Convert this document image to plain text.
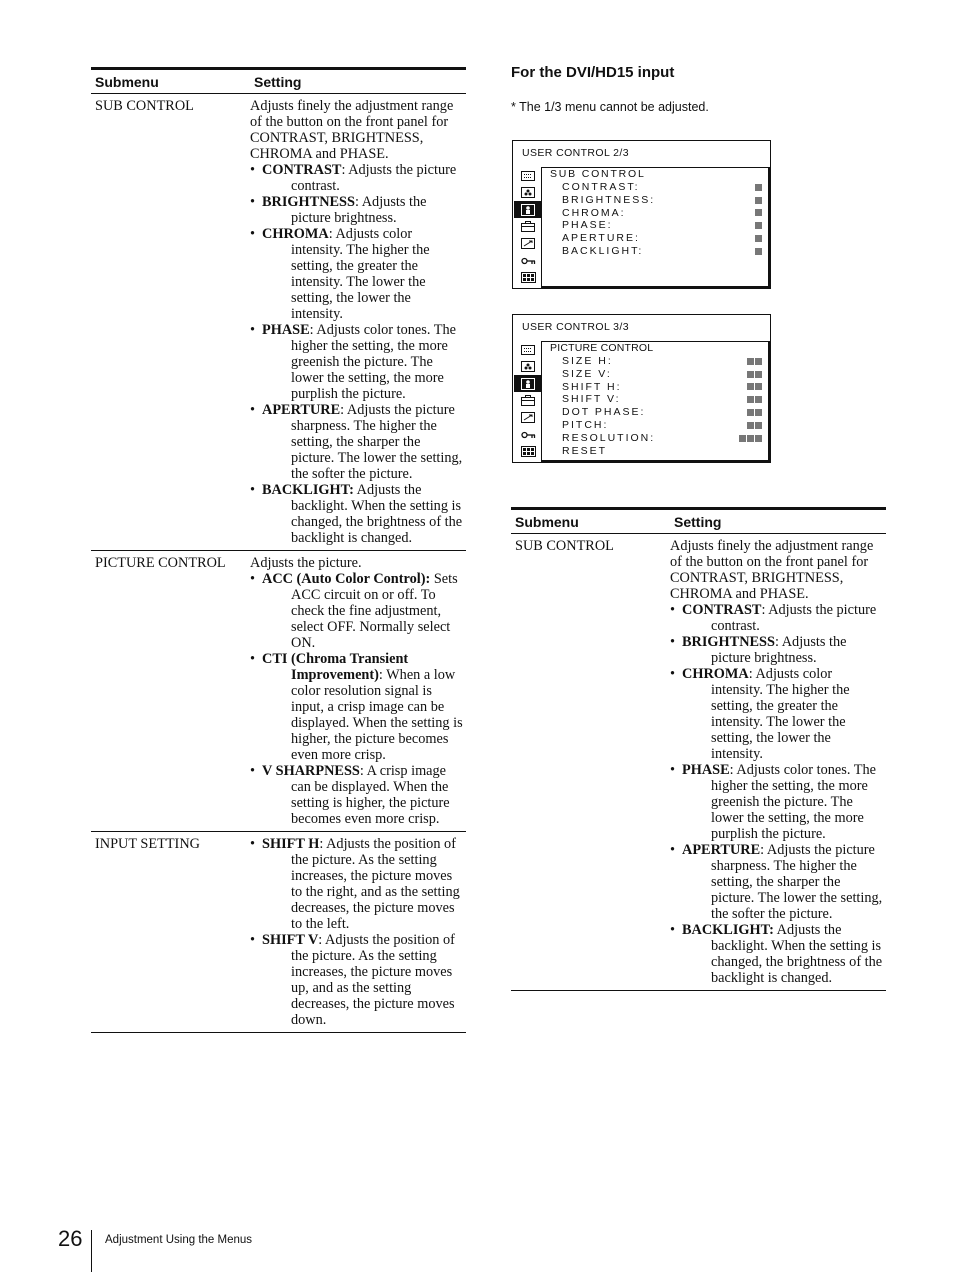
Submenu	Setting
SUB CONTROL	Adjusts finely the adjustment range of the button on the front panel for CONTRAST, BRIGHTNESS, CHROMA and PHASE.

• CONTRAST: Adjusts the picture contrast.
• BRIGHTNESS: Adjusts the picture brightness.
• CHROMA: Adjusts color intensity. The higher the setting, the greater the intensity. The lower the setting, the lower the intensity.
• PHASE: Adjusts color tones. The higher the setting, the more greenish the picture. The lower the setting, the more purplish the picture.
• APERTURE: Adjusts the picture sharpness. The higher the setting, the sharper the picture. The lower the setting, the softer the picture.
• BACKLIGHT: Adjusts the backlight. When the setting is changed, the brightness of the backlight is changed.
PICTURE CONTROL	Adjusts the picture.

• ACC (Auto Color Control): Sets ACC circuit on or off. To check the fine adjustment, select OFF. Normally select ON.
• CTI (Chroma Transient Improvement): When a low color resolution signal is input, a crisp image can be displayed. When the setting is higher, the picture becomes even more crisp.
• V SHARPNESS: A crisp image can be displayed. When the setting is higher, the picture becomes even more crisp.
INPUT SETTING	• SHIFT H: Adjusts the position of the picture. As the setting increases, the picture moves to the right, and as the setting decreases, the picture moves to the left.
• SHIFT V: Adjusts the position of the picture. As the setting increases, the picture moves up, and as the setting decreases, the picture moves down.
For the DVI/HD15 input

* The 1/3 menu cannot be adjusted.

USER CONTROL 2/3
SUB CONTROL
CONTRAST:
BRIGHTNESS:
CHROMA:
PHASE:
APERTURE:
BACKLIGHT:
USER CONTROL 3/3
PICTURE CONTROL
SIZE H:
SIZE V:
SHIFT H:
SHIFT V:
DOT PHASE:
PITCH:
RESOLUTION:
RESET
Submenu	Setting
SUB CONTROL	Adjusts finely the adjustment range of the button on the front panel for CONTRAST, BRIGHTNESS, CHROMA and PHASE.

• CONTRAST: Adjusts the picture contrast.
• BRIGHTNESS: Adjusts the picture brightness.
• CHROMA: Adjusts color intensity. The higher the setting, the greater the intensity. The lower the setting, the lower the intensity.
• PHASE: Adjusts color tones. The higher the setting, the more greenish the picture. The lower the setting, the more purplish the picture.
• APERTURE: Adjusts the picture sharpness. The higher the setting, the sharper the picture. The lower the setting, the softer the picture.
• BACKLIGHT: Adjusts the backlight. When the setting is changed, the brightness of the backlight is changed.
26 Adjustment Using the Menus
